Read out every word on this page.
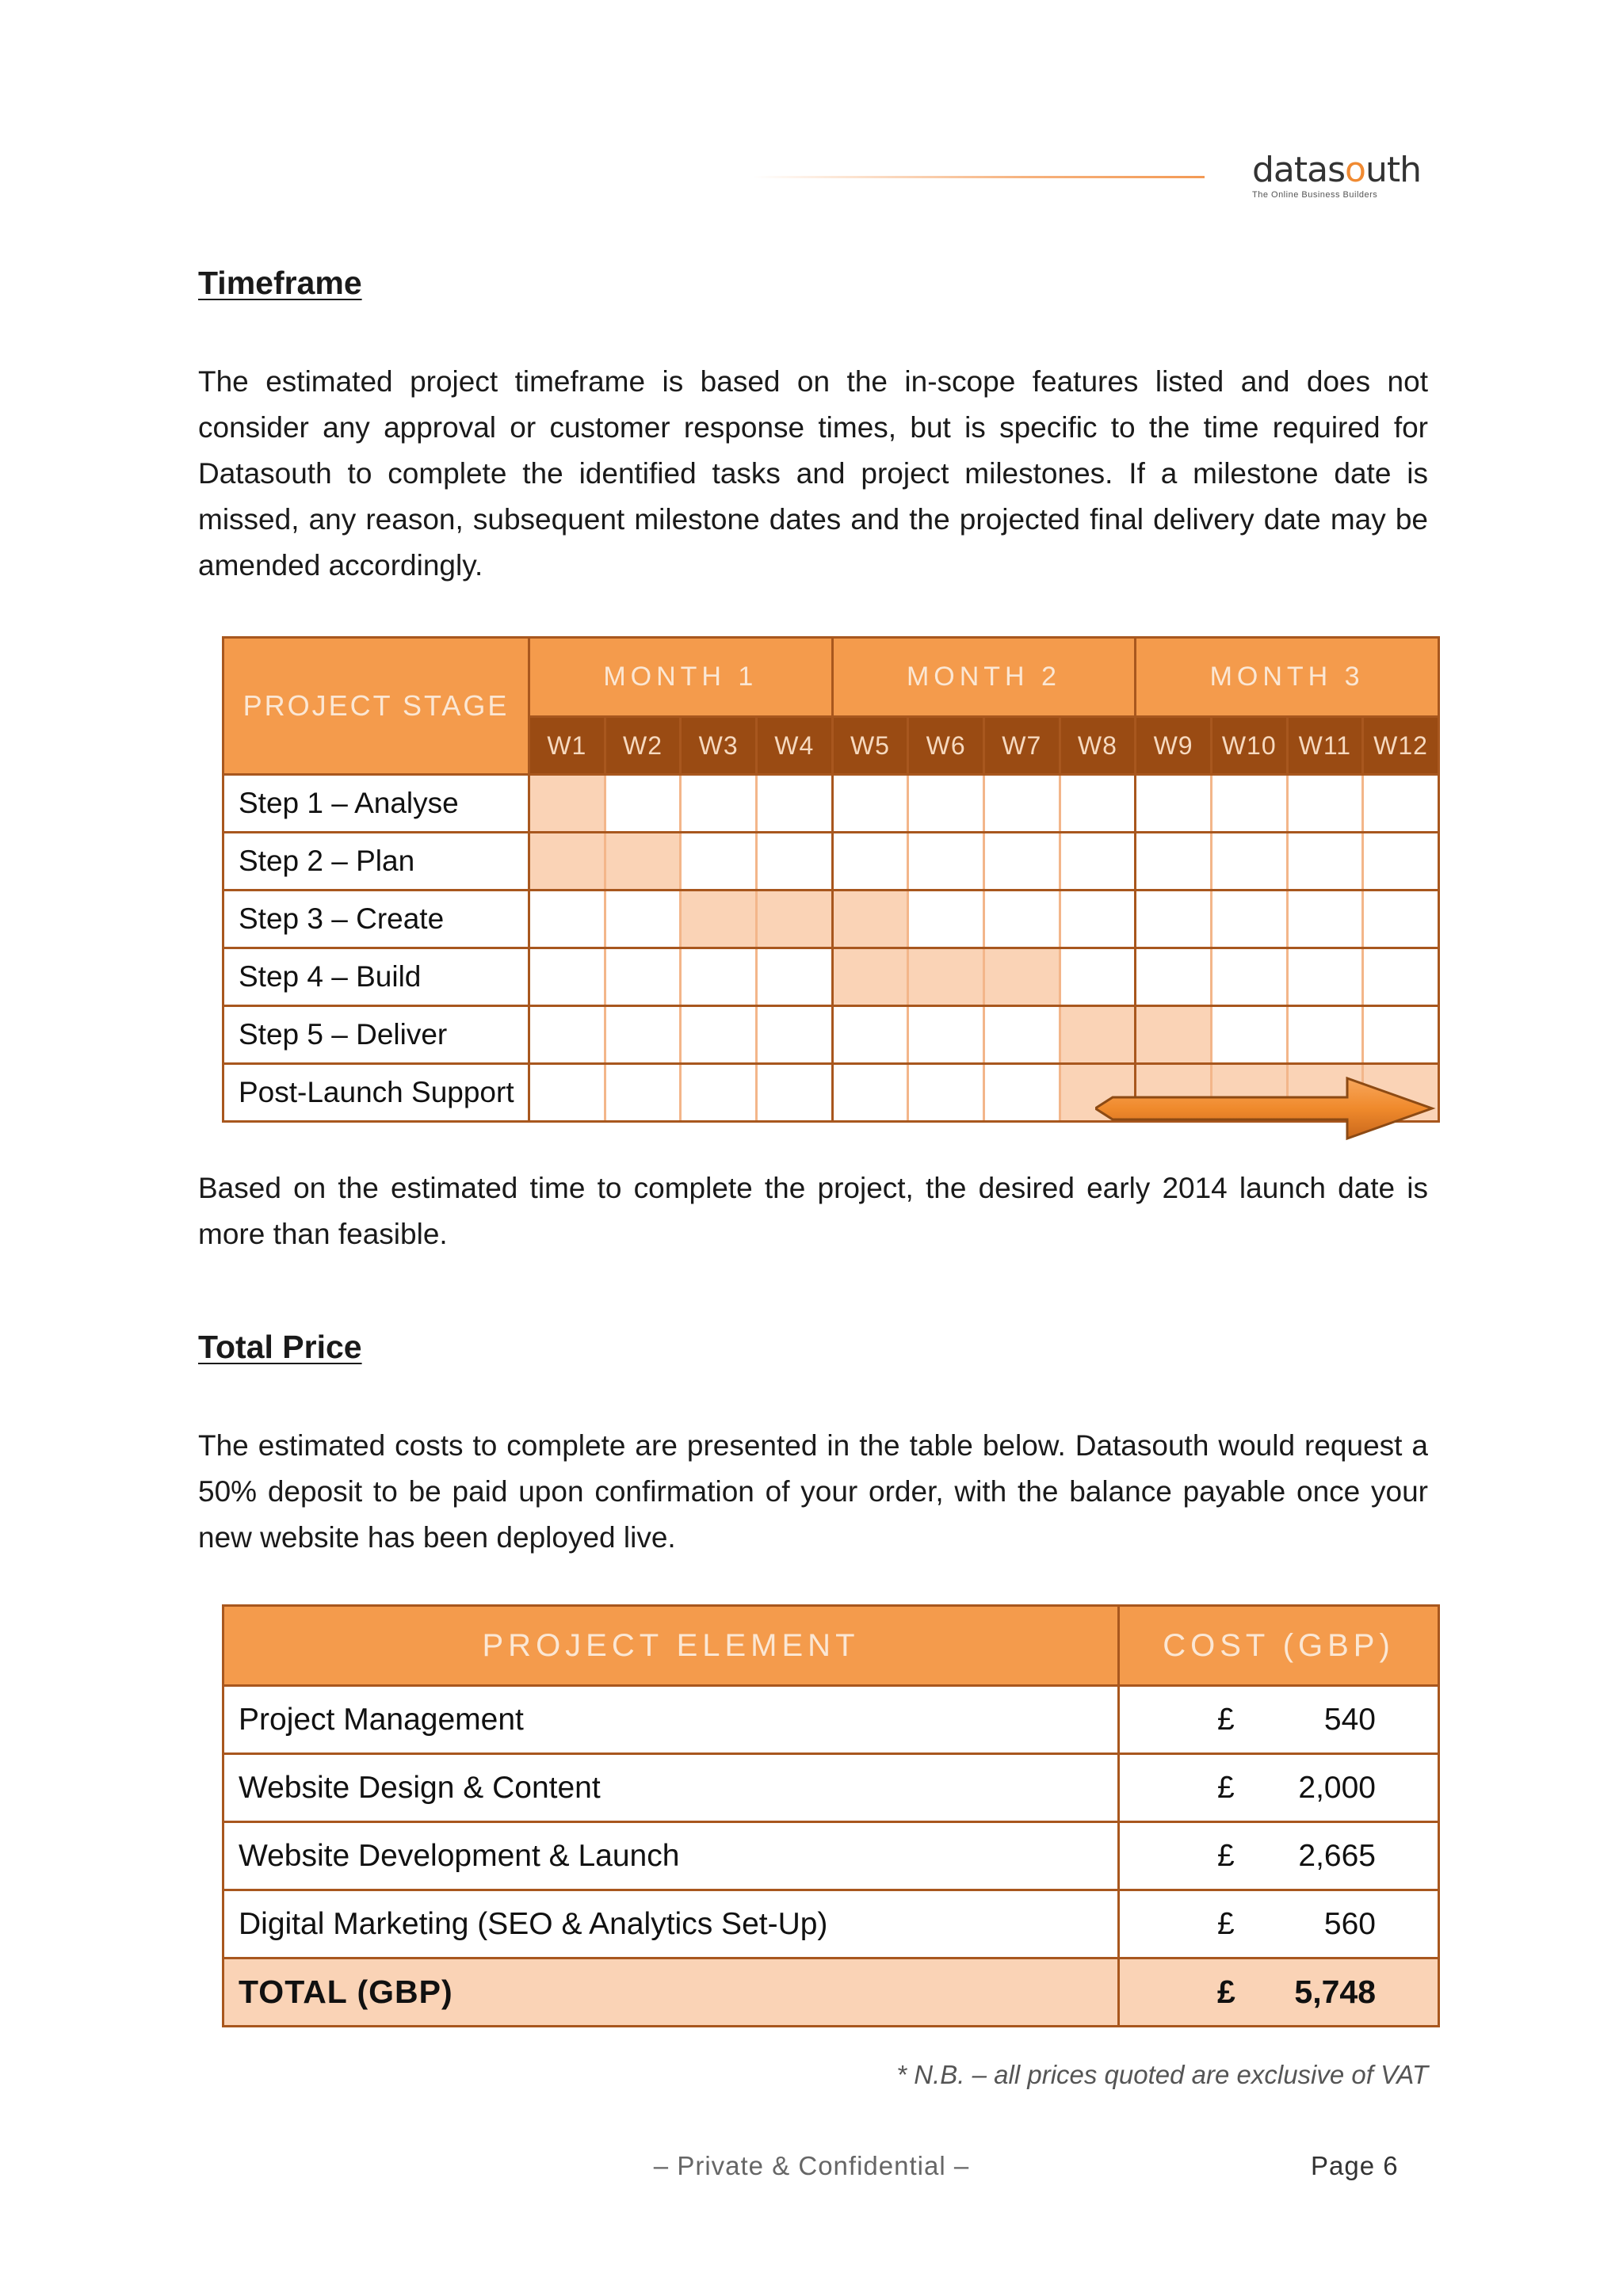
datasouth
The Online Business Builders
Timeframe

The estimated project timeframe is based on the in-scope features listed and does not consider any approval or customer response times, but is specific to the time required for Datasouth to complete the identified tasks and project milestones. If a milestone date is missed, any reason, subsequent milestone dates and the projected final delivery date may be amended accordingly.

PROJECT STAGE	MONTH 1				MONTH 2				MONTH 3			
	W1	W2	W3	W4	W5	W6	W7	W8	W9	W10	W11	W12
Step 1 – Analyse												
Step 2 – Plan												
Step 3 – Create												
Step 4 – Build												
Step 5 – Deliver												
Post-Launch Support												

Based on the estimated time to complete the project, the desired early 2014 launch date is more than feasible.

Total Price

The estimated costs to complete are presented in the table below. Datasouth would request a 50% deposit to be paid upon confirmation of your order, with the balance payable once your new website has been deployed live.

PROJECT ELEMENT	COST (GBP)
Project Management	£ 540

Website Design & Content	£ 2,000

Website Development & Launch	£ 2,665

Digital Marketing (SEO & Analytics Set-Up)	£ 560

TOTAL (GBP)	£ 5,748
* N.B. – all prices quoted are exclusive of VAT
– Private & Confidential –	Page 6
